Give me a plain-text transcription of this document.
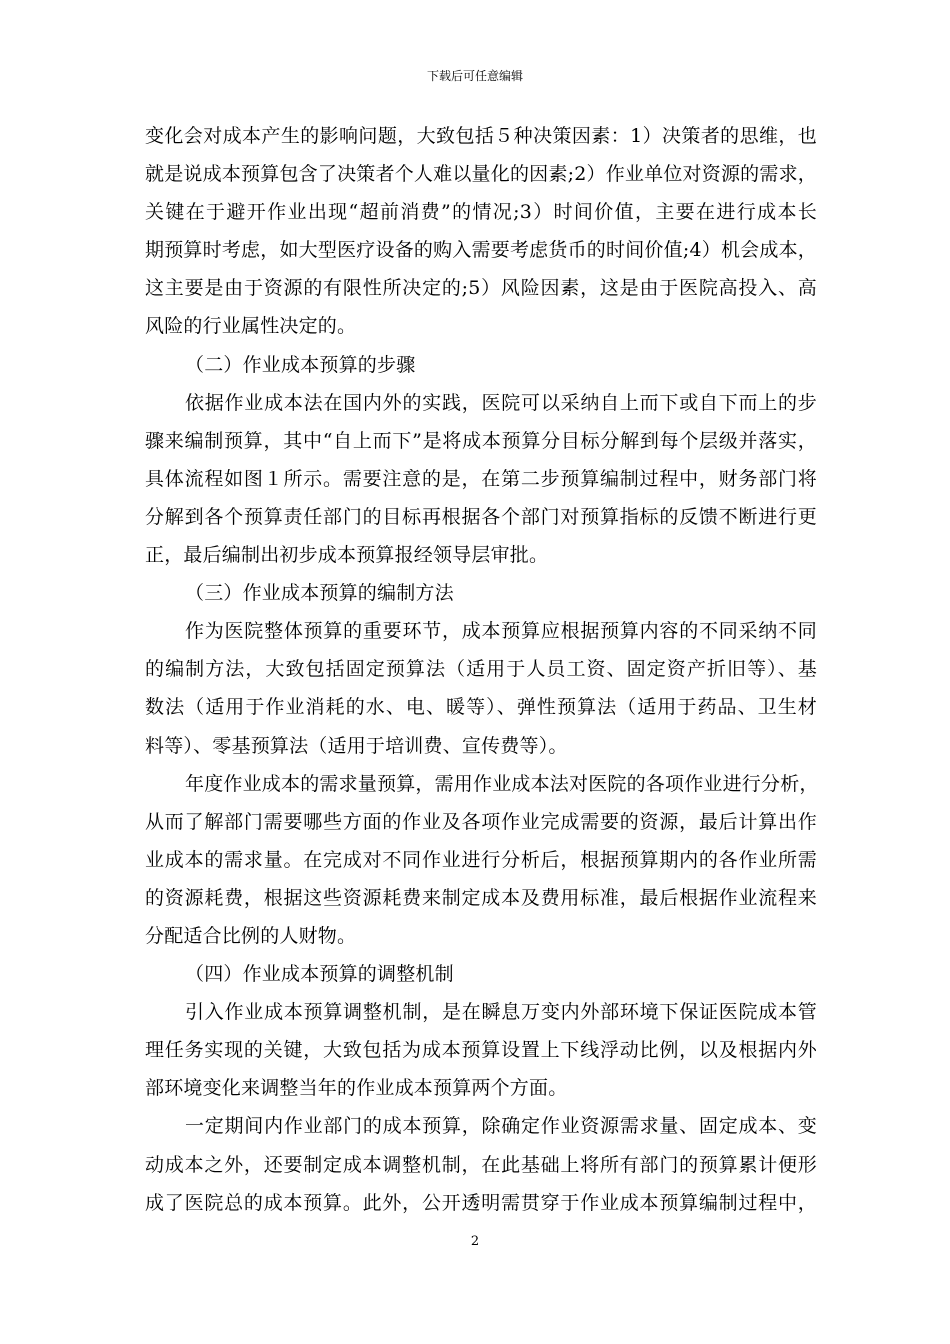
下载后可任意编辑
变化会对成本产生的影响问题，大致包括５种决策因素：1）决策者的思维，也
就是说成本预算包含了决策者个人难以量化的因素;2）作业单位对资源的需求，
关键在于避开作业出现“超前消费”的情况;3）时间价值，主要在进行成本长
期预算时考虑，如大型医疗设备的购入需要考虑货币的时间价值;4）机会成本，
这主要是由于资源的有限性所决定的;5）风险因素，这是由于医院高投入、高
风险的行业属性决定的。
（二）作业成本预算的步骤
依据作业成本法在国内外的实践，医院可以采纳自上而下或自下而上的步
骤来编制预算，其中“自上而下”是将成本预算分目标分解到每个层级并落实，
具体流程如图１所示。需要注意的是，在第二步预算编制过程中，财务部门将
分解到各个预算责任部门的目标再根据各个部门对预算指标的反馈不断进行更
正，最后编制出初步成本预算报经领导层审批。
（三）作业成本预算的编制方法
作为医院整体预算的重要环节，成本预算应根据预算内容的不同采纳不同
的编制方法，大致包括固定预算法（适用于人员工资、固定资产折旧等）、基
数法（适用于作业消耗的水、电、暖等）、弹性预算法（适用于药品、卫生材
料等）、零基预算法（适用于培训费、宣传费等）。
年度作业成本的需求量预算，需用作业成本法对医院的各项作业进行分析，
从而了解部门需要哪些方面的作业及各项作业完成需要的资源，最后计算出作
业成本的需求量。在完成对不同作业进行分析后，根据预算期内的各作业所需
的资源耗费，根据这些资源耗费来制定成本及费用标准，最后根据作业流程来
分配适合比例的人财物。
（四）作业成本预算的调整机制
引入作业成本预算调整机制，是在瞬息万变内外部环境下保证医院成本管
理任务实现的关键，大致包括为成本预算设置上下线浮动比例，以及根据内外
部环境变化来调整当年的作业成本预算两个方面。
一定期间内作业部门的成本预算，除确定作业资源需求量、固定成本、变
动成本之外，还要制定成本调整机制，在此基础上将所有部门的预算累计便形
成了医院总的成本预算。此外，公开透明需贯穿于作业成本预算编制过程中，
2
